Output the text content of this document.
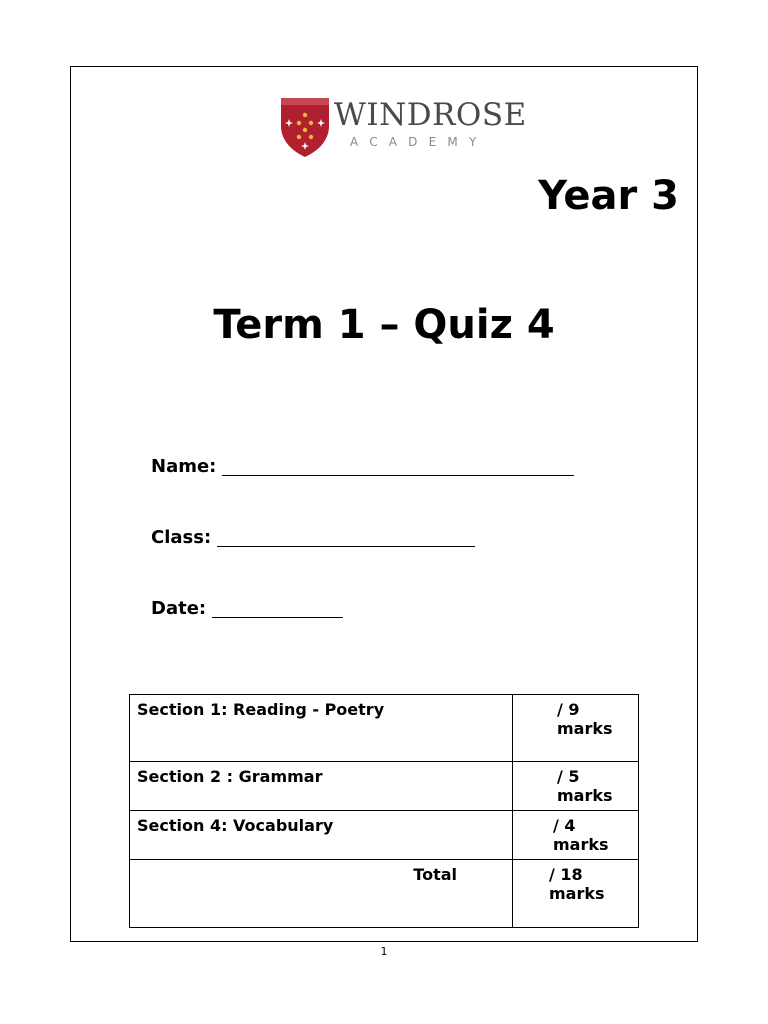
WINDROSE
ACADEMY
Year 3
Term 1 – Quiz 4
Name:
Class:
Date:
Section 1: Reading - Poetry	/ 9 marks
Section 2 : Grammar	/ 5 marks
Section 4: Vocabulary	/ 4 marks
Total	/ 18 marks
1
